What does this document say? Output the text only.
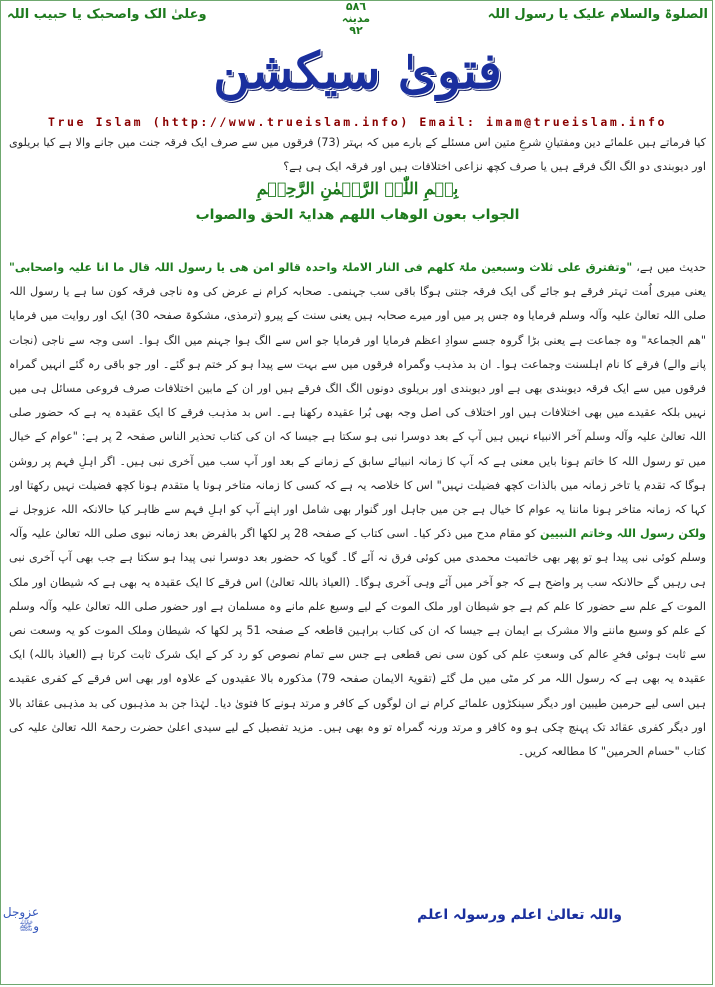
الصلوۃ والسلام علیک یا رسول اللہ
۵۸٦
مدینہ
٩٢
وعلیٰ الک واصحبک یا حبیب اللہ
فتویٰ سیکشن
True Islam (http://www.trueislam.info) Email: imam@trueislam.info
کیا فرماتے ہیں علمائے دین ومفتیانِ شرعِ متین اس مسئلے کے بارے میں کہ بہتر (73) فرقوں میں سے صرف ایک فرقہ جنت میں جانے والا ہے کیا بریلوی اور دیوبندی دو الگ الگ فرقے ہیں یا صرف کچھ نزاعی اختلافات ہیں اور فرقہ ایک ہی ہے؟
بِسۡمِ اللّٰہِ الرَّحۡمٰنِ الرَّحِیۡمِ
الجواب بعون الوھاب اللھم ھدایۃ الحق والصواب
حدیث میں ہے، "وتفترق علی ثلاث وسبعین ملۃ کلھم فی النار الاملۃ واحدہ قالو امن ھی یا رسول اللہ قال ما انا علیہ واصحابی" یعنی میری اُمت تہتر فرقے ہو جائے گی ایک فرقہ جنتی ہوگا باقی سب جہنمی۔ صحابہ کرام نے عرض کی وہ ناجی فرقہ کون سا ہے یا رسول اللہ صلی اللہ تعالیٰ علیہ وآلہ وسلم فرمایا وہ جس پر میں اور میرے صحابہ ہیں یعنی سنت کے پیرو (ترمذی، مشکوۃ صفحہ 30) ایک اور روایت میں فرمایا "ھم الجماعۃ" وہ جماعت ہے یعنی بڑا گروہ جسے سوادِ اعظم فرمایا اور فرمایا جو اس سے الگ ہوا جہنم میں الگ ہوا۔ اسی وجہ سے ناجی (نجات پانے والے) فرقے کا نام اہلسنت وجماعت ہوا۔ ان بد مذہب وگمراہ فرقوں میں سے بہت سے پیدا ہو کر ختم ہو گئے۔ اور جو باقی رہ گئے انہیں گمراہ فرقوں میں سے ایک فرقہ دیوبندی بھی ہے اور دیوبندی اور بریلوی دونوں الگ الگ فرقے ہیں اور ان کے مابین اختلافات صرف فروعی مسائل ہی میں نہیں بلکہ عقیدے میں بھی اختلافات ہیں اور اختلاف کی اصل وجہ بھی بُرا عقیدہ رکھنا ہے۔ اس بد مذہب فرقے کا ایک عقیدہ یہ ہے کہ حضور صلی اللہ تعالیٰ علیہ وآلہ وسلم آخر الانبیاء نہیں ہیں آپ کے بعد دوسرا نبی ہو سکتا ہے جیسا کہ ان کی کتاب تحذیر الناس صفحہ 2 پر ہے: "عوام کے خیال میں تو رسول اللہ کا خاتم ہونا بایں معنی ہے کہ آپ کا زمانہ انبیائے سابق کے زمانے کے بعد اور آپ سب میں آخری نبی ہیں۔ اگر اہلِ فہم پر روشن ہوگا کہ تقدم یا تاخر زمانہ میں بالذات کچھ فضیلت نہیں" اس کا خلاصہ یہ ہے کہ کسی کا زمانہ متاخر ہونا یا متقدم ہونا کچھ فضیلت نہیں رکھتا اور کہا کہ زمانہ متاخر ہونا ماننا یہ عوام کا خیال ہے جن میں جاہل اور گنوار بھی شامل اور اپنے آپ کو اہلِ فہم سے ظاہر کیا حالانکہ اللہ عزوجل نے ولکن رسول اللہ وخاتم النبیین کو مقام مدح میں ذکر کیا۔ اسی کتاب کے صفحہ 28 پر لکھا اگر بالفرض بعد زمانہ نبوی صلی اللہ تعالیٰ علیہ وآلہ وسلم کوئی نبی پیدا ہو تو پھر بھی خاتمیت محمدی میں کوئی فرق نہ آئے گا۔ گویا کہ حضور بعد دوسرا نبی پیدا ہو سکتا ہے جب بھی آپ آخری نبی ہی رہیں گے حالانکہ سب پر واضح ہے کہ جو آخر میں آئے وہی آخری ہوگا۔ (العیاذ باللہ تعالیٰ) اس فرقے کا ایک عقیدہ یہ بھی ہے کہ شیطان اور ملک الموت کے علم سے حضور کا علم کم ہے جو شیطان اور ملک الموت کے لیے وسیع علم مانے وہ مسلمان ہے اور حضور صلی اللہ تعالیٰ علیہ وآلہ وسلم کے علم کو وسیع ماننے والا مشرک بے ایمان ہے جیسا کہ ان کی کتاب براہین قاطعہ کے صفحہ 51 پر لکھا کہ شیطان وملک الموت کو یہ وسعت نص سے ثابت ہوئی فخرِ عالم کی وسعتِ علم کی کون سی نص قطعی ہے جس سے تمام نصوص کو رد کر کے ایک شرک ثابت کرتا ہے (العیاذ باللہ) ایک عقیدہ یہ بھی ہے کہ رسول اللہ مر کر مٹی میں مل گئے (تقویۃ الایمان صفحہ 79) مذکورہ بالا عقیدوں کے علاوہ اور بھی اس فرقے کے کفری عقیدے ہیں اسی لیے حرمین طیبین اور دیگر سینکڑوں علمائے کرام نے ان لوگوں کے کافر و مرتد ہونے کا فتویٰ دیا۔ لہٰذا جن بد مذہبوں کی بد مذہبی عقائد بالا اور دیگر کفری عقائد تک پہنچ چکی ہو وہ کافر و مرتد ورنہ گمراہ تو وہ بھی ہیں۔ مزید تفصیل کے لیے سیدی اعلیٰ حضرت رحمۃ اللہ تعالیٰ علیہ کی کتاب "حسام الحرمین" کا مطالعہ کریں۔
واللہ تعالیٰ اعلم ورسولہ اعلم
عزوجل وﷺ
